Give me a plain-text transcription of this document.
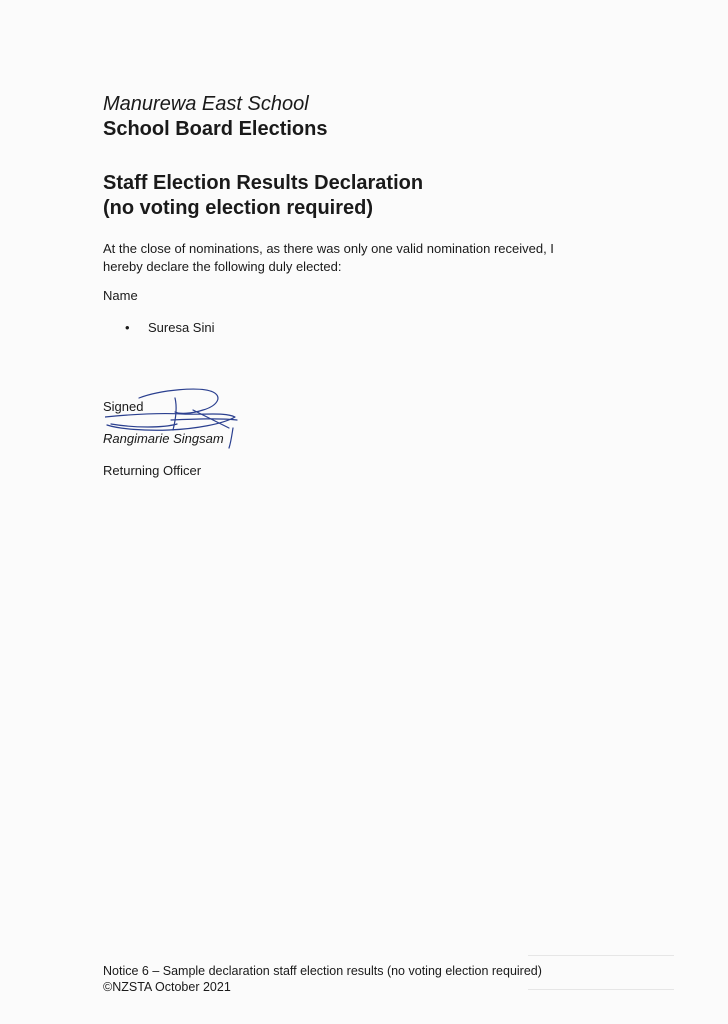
Manurewa East School

School Board Elections

Staff Election Results Declaration
(no voting election required)

At the close of nominations, as there was only one valid nomination received, I
hereby declare the following duly elected:

Name
• Suresa Sini
Signed
Rangimarie Singsam
Returning Officer
Notice 6 – Sample declaration staff election results (no voting election required)
©NZSTA October 2021
